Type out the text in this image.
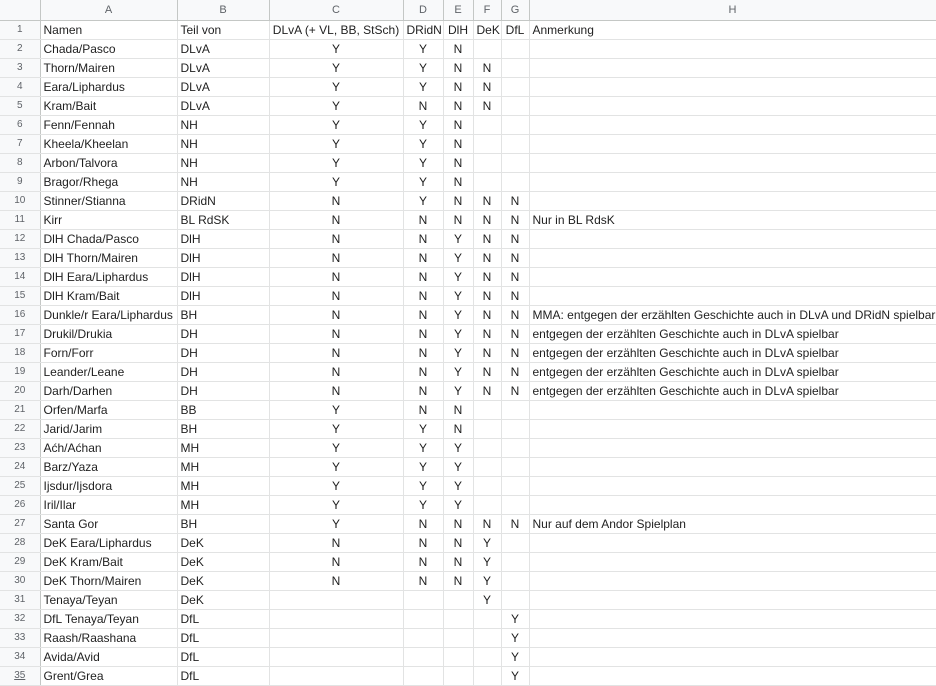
	A	B	C	D	E	F	G	H
1	Namen	Teil von	DLvA (+ VL, BB, StSch)	DRidN	DlH	DeK	DfL	Anmerkung
2	Chada/Pasco	DLvA	Y	Y	N			
3	Thorn/Mairen	DLvA	Y	Y	N	N		
4	Eara/Liphardus	DLvA	Y	Y	N	N		
5	Kram/Bait	DLvA	Y	N	N	N		
6	Fenn/Fennah	NH	Y	Y	N			
7	Kheela/Kheelan	NH	Y	Y	N			
8	Arbon/Talvora	NH	Y	Y	N			
9	Bragor/Rhega	NH	Y	Y	N			
10	Stinner/Stianna	DRidN	N	Y	N	N	N	
11	Kirr	BL RdSK	N	N	N	N	N	Nur in BL RdsK
12	DlH Chada/Pasco	DlH	N	N	Y	N	N	
13	DlH Thorn/Mairen	DlH	N	N	Y	N	N	
14	DlH Eara/Liphardus	DlH	N	N	Y	N	N	
15	DlH Kram/Bait	DlH	N	N	Y	N	N	
16	Dunkle/r Eara/Liphardus	BH	N	N	Y	N	N	MMA: entgegen der erzählten Geschichte auch in DLvA und DRidN spielbar
17	Drukil/Drukia	DH	N	N	Y	N	N	entgegen der erzählten Geschichte auch in DLvA spielbar
18	Forn/Forr	DH	N	N	Y	N	N	entgegen der erzählten Geschichte auch in DLvA spielbar
19	Leander/Leane	DH	N	N	Y	N	N	entgegen der erzählten Geschichte auch in DLvA spielbar
20	Darh/Darhen	DH	N	N	Y	N	N	entgegen der erzählten Geschichte auch in DLvA spielbar
21	Orfen/Marfa	BB	Y	N	N			
22	Jarid/Jarim	BH	Y	Y	N			
23	Aćh/Aćhan	MH	Y	Y	Y			
24	Barz/Yaza	MH	Y	Y	Y			
25	Ijsdur/Ijsdora	MH	Y	Y	Y			
26	Iril/Ilar	MH	Y	Y	Y			
27	Santa Gor	BH	Y	N	N	N	N	Nur auf dem Andor Spielplan
28	DeK Eara/Liphardus	DeK	N	N	N	Y		
29	DeK Kram/Bait	DeK	N	N	N	Y		
30	DeK Thorn/Mairen	DeK	N	N	N	Y		
31	Tenaya/Teyan	DeK				Y		
32	DfL Tenaya/Teyan	DfL					Y	
33	Raash/Raashana	DfL					Y	
34	Avida/Avid	DfL					Y	
35	Grent/Grea	DfL					Y	
